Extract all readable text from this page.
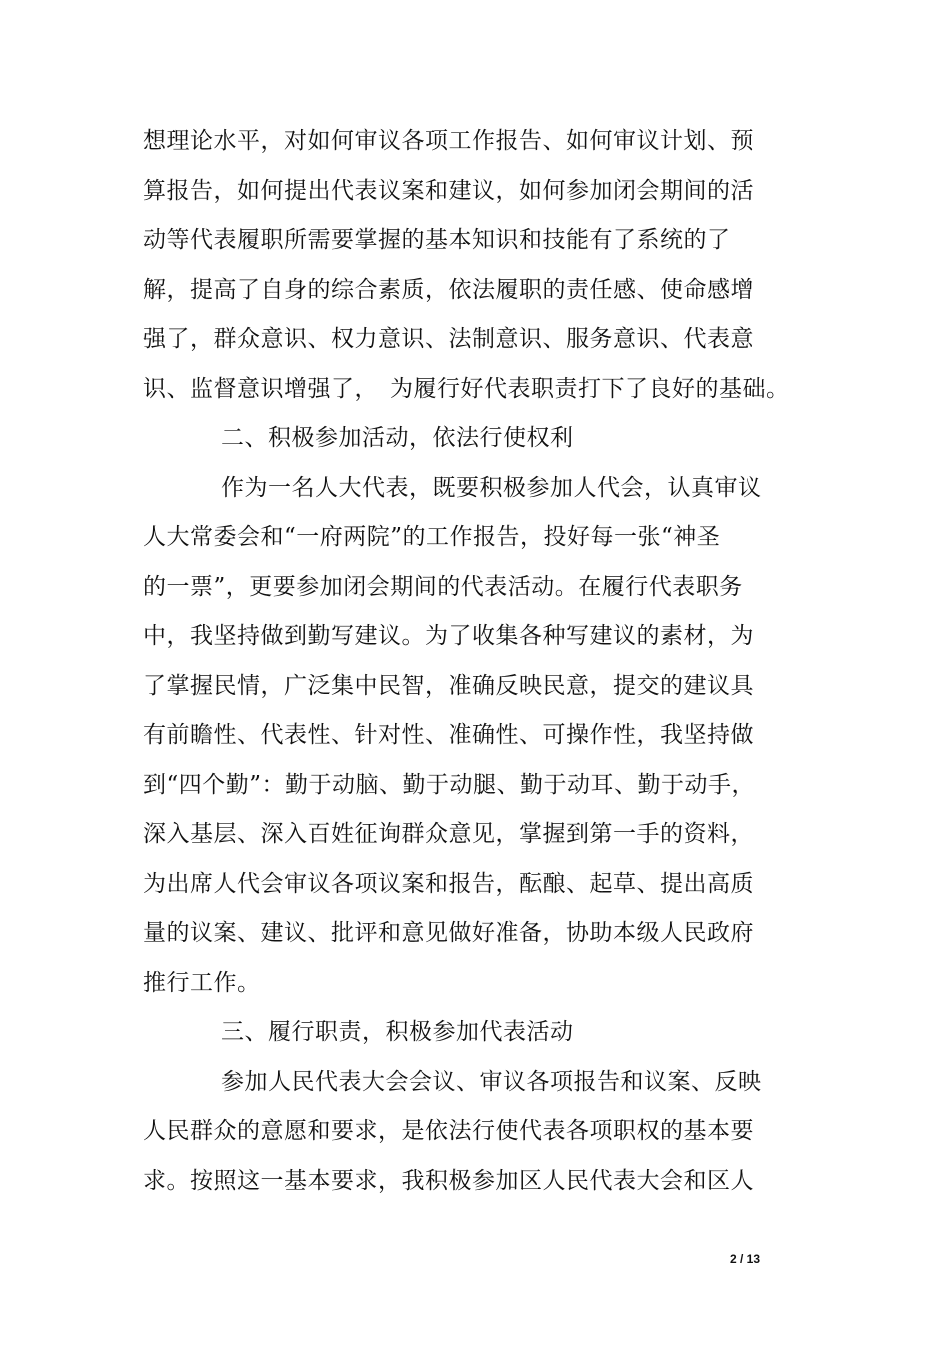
想理论水平，对如何审议各项工作报告、如何审议计划、预
算报告，如何提出代表议案和建议，如何参加闭会期间的活
动等代表履职所需要掌握的基本知识和技能有了系统的了
解，提高了自身的综合素质，依法履职的责任感、使命感增
强了，群众意识、权力意识、法制意识、服务意识、代表意
识、监督意识增强了，　为履行好代表职责打下了良好的基础。
二、积极参加活动，依法行使权利
作为一名人大代表，既要积极参加人代会，认真审议
人大常委会和“一府两院”的工作报告，投好每一张“神圣
的一票”，更要参加闭会期间的代表活动。在履行代表职务
中，我坚持做到勤写建议。为了收集各种写建议的素材，为
了掌握民情，广泛集中民智，准确反映民意，提交的建议具
有前瞻性、代表性、针对性、准确性、可操作性，我坚持做
到“四个勤”：勤于动脑、勤于动腿、勤于动耳、勤于动手，
深入基层、深入百姓征询群众意见，掌握到第一手的资料，
为出席人代会审议各项议案和报告，酝酿、起草、提出高质
量的议案、建议、批评和意见做好准备，协助本级人民政府
推行工作。
三、履行职责，积极参加代表活动
参加人民代表大会会议、审议各项报告和议案、反映
人民群众的意愿和要求，是依法行使代表各项职权的基本要
求。按照这一基本要求，我积极参加区人民代表大会和区人
2 / 13
